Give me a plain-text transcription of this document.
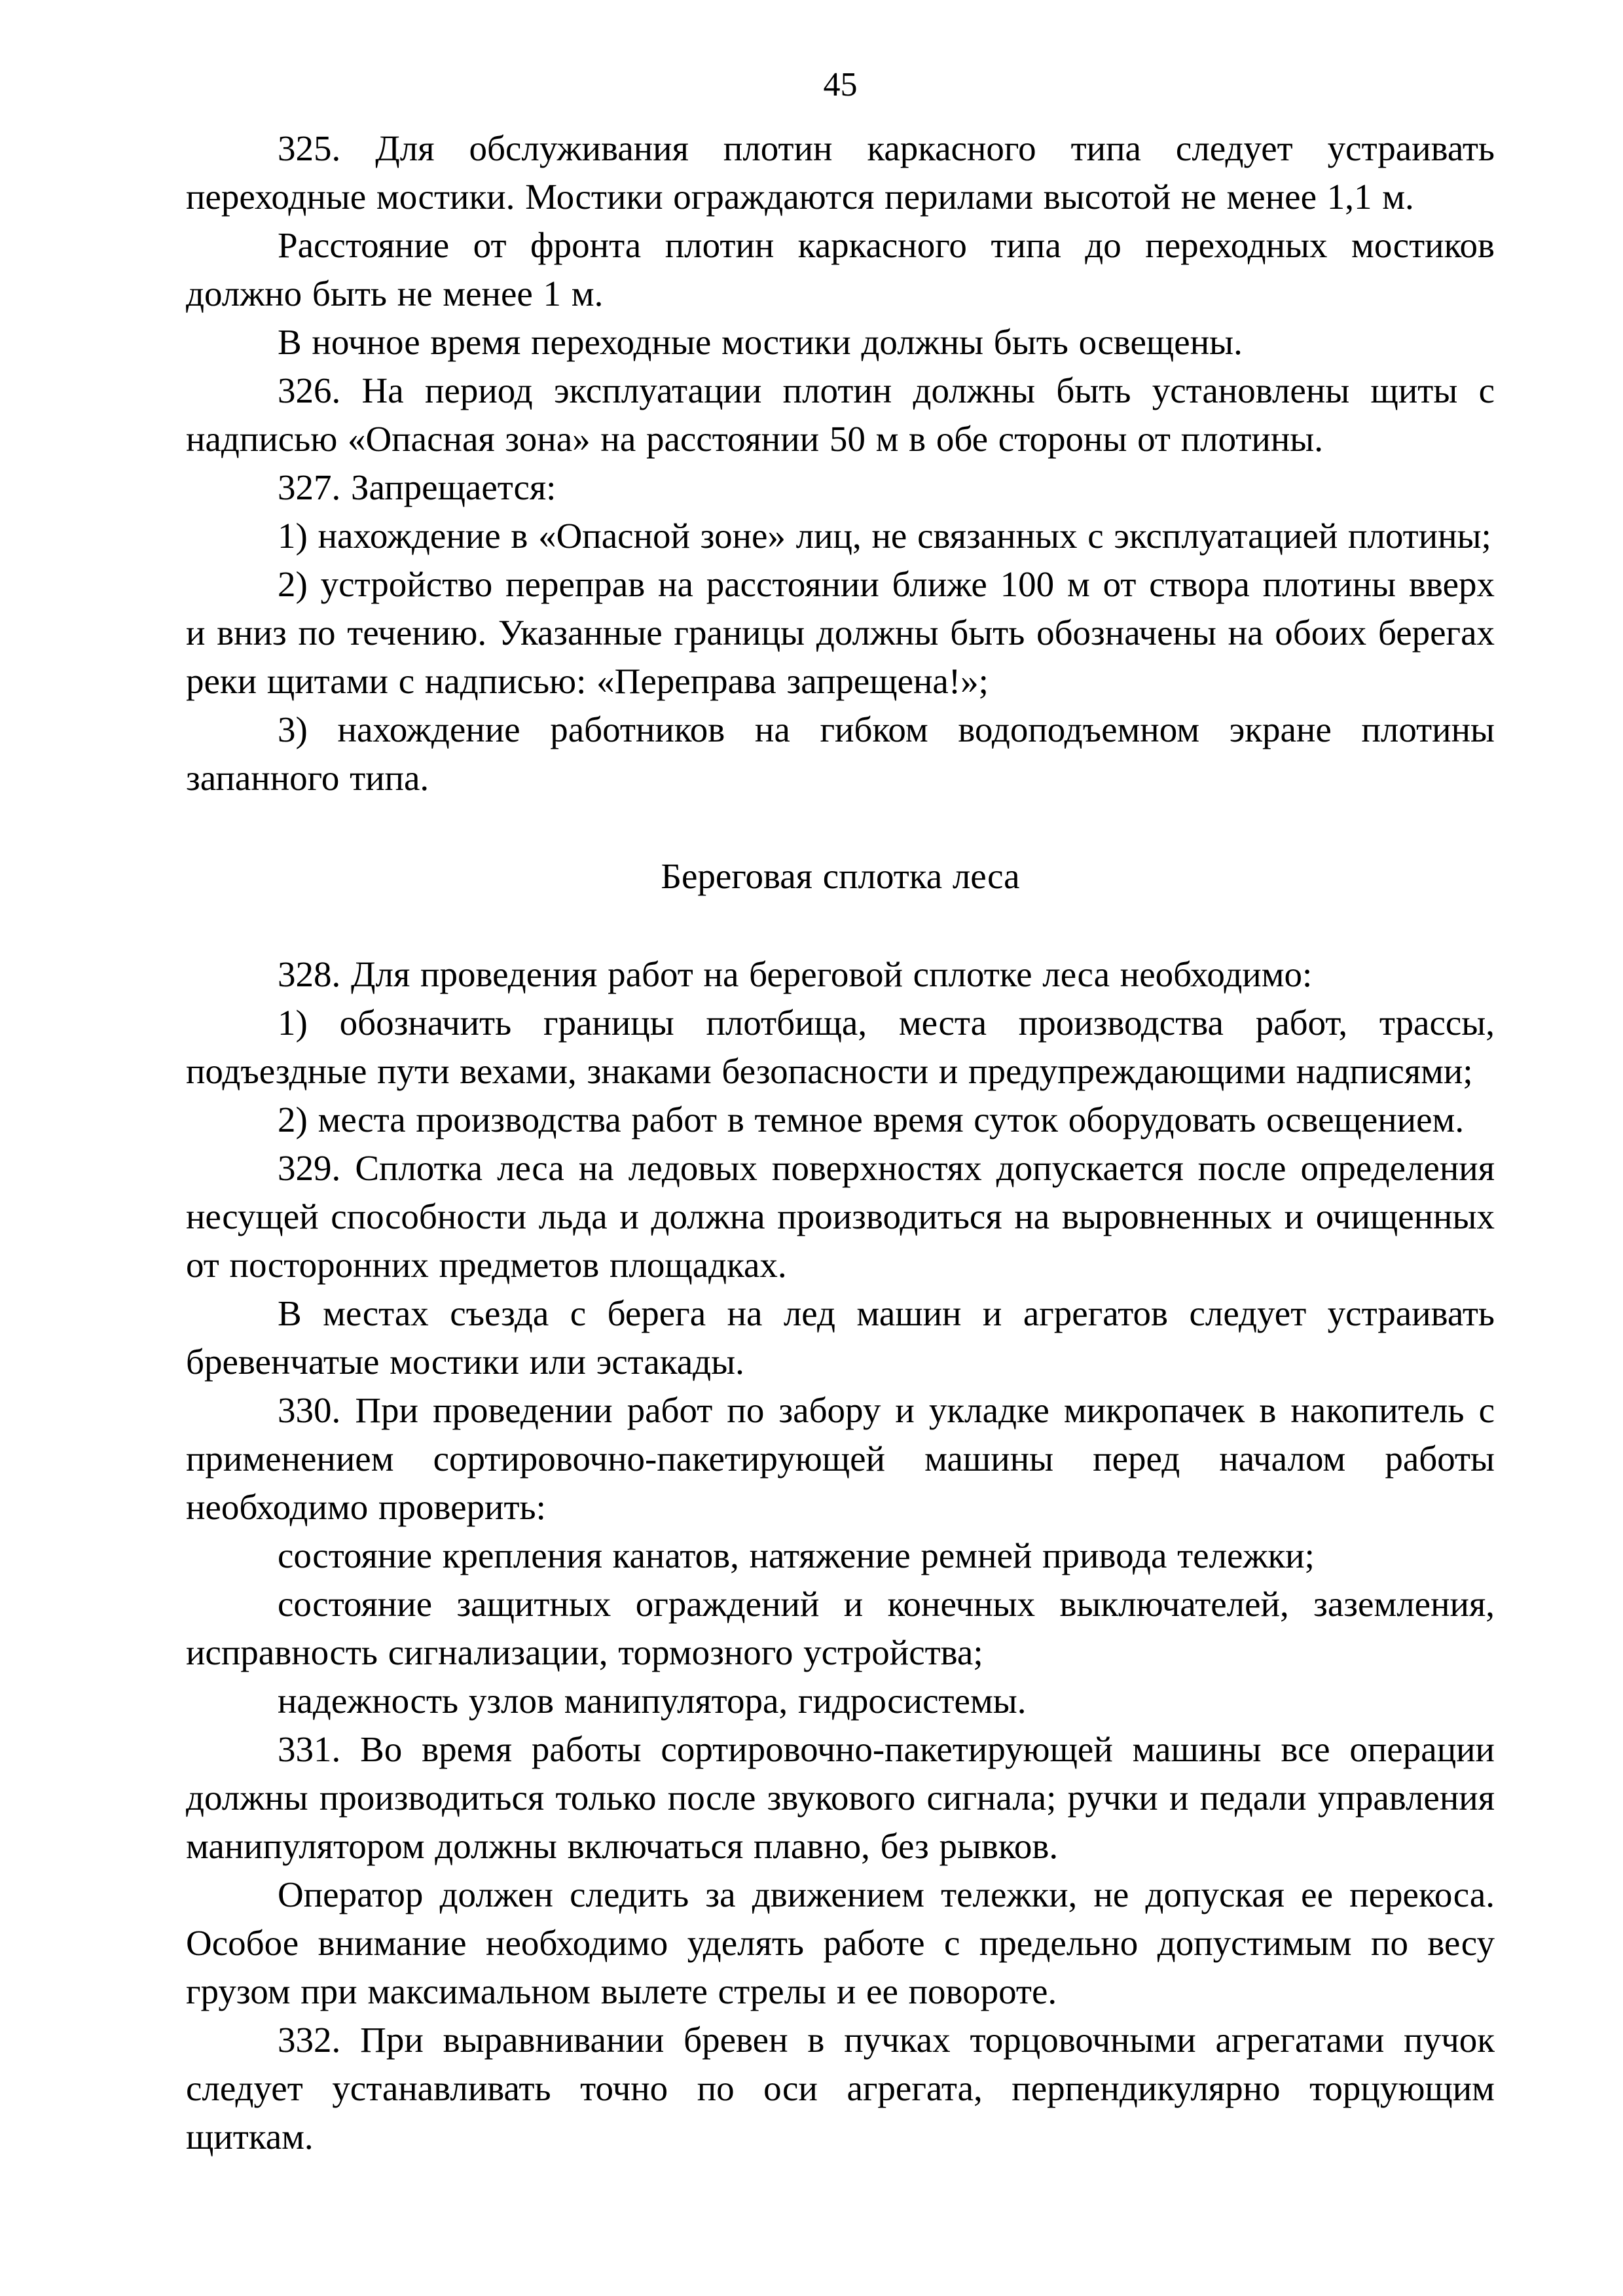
45

325. Для обслуживания плотин каркасного типа следует устраивать переходные мостики. Мостики ограждаются перилами высотой не менее 1,1 м.

Расстояние от фронта плотин каркасного типа до переходных мостиков должно быть не менее 1 м.

В ночное время переходные мостики должны быть освещены.

326. На период эксплуатации плотин должны быть установлены щиты с надписью «Опасная зона» на расстоянии 50 м в обе стороны от плотины.

327. Запрещается:

1) нахождение в «Опасной зоне» лиц, не связанных с эксплуатацией плотины;

2) устройство переправ на расстоянии ближе 100 м от створа плотины вверх и вниз по течению. Указанные границы должны быть обозначены на обоих берегах реки щитами с надписью: «Переправа запрещена!»;

3) нахождение работников на гибком водоподъемном экране плотины запанного типа.

Береговая сплотка леса

328. Для проведения работ на береговой сплотке леса необходимо:

1) обозначить границы плотбища, места производства работ, трассы, подъездные пути вехами, знаками безопасности и предупреждающими надписями;

2) места производства работ в темное время суток оборудовать освещением.

329. Сплотка леса на ледовых поверхностях допускается после определения несущей способности льда и должна производиться на выровненных и очищенных от посторонних предметов площадках.

В местах съезда с берега на лед машин и агрегатов следует устраивать бревенчатые мостики или эстакады.

330. При проведении работ по забору и укладке микропачек в накопитель с применением сортировочно-пакетирующей машины перед началом работы необходимо проверить:

состояние крепления канатов, натяжение ремней привода тележки;

состояние защитных ограждений и конечных выключателей, заземления, исправность сигнализации, тормозного устройства;

надежность узлов манипулятора, гидросистемы.

331. Во время работы сортировочно-пакетирующей машины все операции должны производиться только после звукового сигнала; ручки и педали управления манипулятором должны включаться плавно, без рывков.

Оператор должен следить за движением тележки, не допуская ее перекоса. Особое внимание необходимо уделять работе с предельно допустимым по весу грузом при максимальном вылете стрелы и ее повороте.

332. При выравнивании бревен в пучках торцовочными агрегатами пучок следует устанавливать точно по оси агрегата, перпендикулярно торцующим щиткам.
